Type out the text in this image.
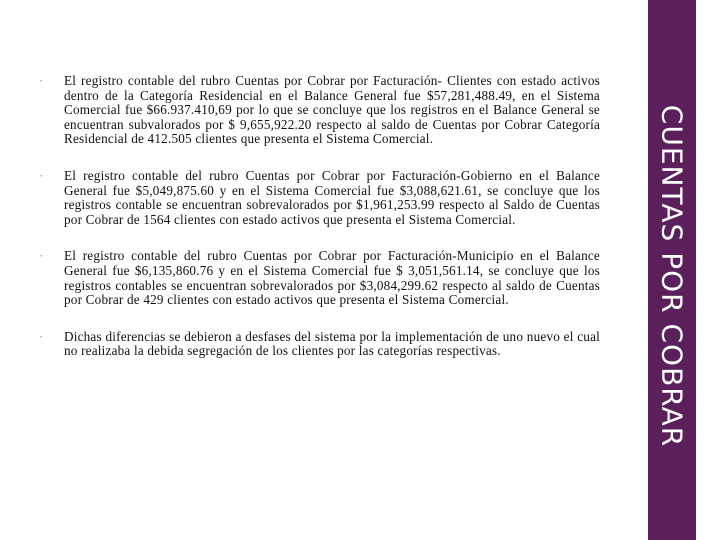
• El registro contable del rubro Cuentas por Cobrar por Facturación- Clientes con estado activos dentro de la Categoría Residencial en el Balance General fue $57,281,488.49, en el Sistema Comercial fue $66.937.410,69 por lo que se concluye que los registros en el Balance General se encuentran subvalorados por $ 9,655,922.20 respecto al saldo de Cuentas por Cobrar Categoría Residencial de 412.505 clientes que presenta el Sistema Comercial.
• El registro contable del rubro Cuentas por Cobrar por Facturación-Gobierno en el Balance General fue $5,049,875.60 y en el Sistema Comercial fue $3,088,621.61, se concluye que los registros contable se encuentran sobrevalorados por $1,961,253.99 respecto al Saldo de Cuentas por Cobrar de 1564 clientes con estado activos que presenta el Sistema Comercial.
• El registro contable del rubro Cuentas por Cobrar por Facturación-Municipio en el Balance General fue $6,135,860.76 y en el Sistema Comercial fue $ 3,051,561.14, se concluye que los registros contables se encuentran sobrevalorados por $3,084,299.62 respecto al saldo de Cuentas por Cobrar de 429 clientes con estado activos que presenta el Sistema Comercial.
• Dichas diferencias se debieron a desfases del sistema por la implementación de uno nuevo el cual no realizaba la debida segregación de los clientes por las categorías respectivas.	CUENTAS POR COBRAR
